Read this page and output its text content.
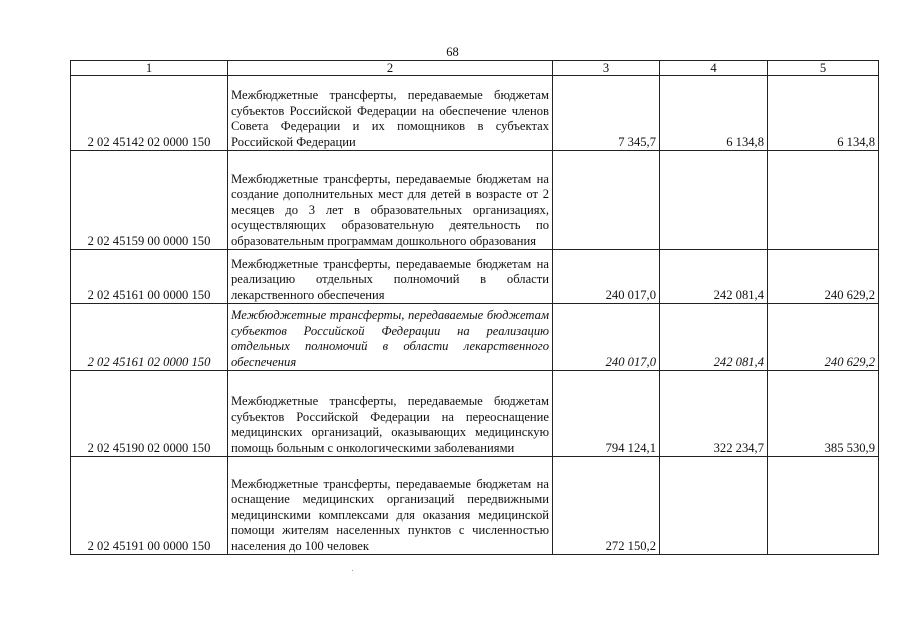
68
1	2	3	4	5
2 02 45142 02 0000 150	Межбюджетные трансферты, передаваемые бюджетам субъектов Российской Федерации на обеспечение членов Совета Федерации и их помощников в субъектах Российской Федерации	7 345,7	6 134,8	6 134,8
2 02 45159 00 0000 150	Межбюджетные трансферты, передаваемые бюджетам на создание дополнительных мест для детей в возрасте от 2 месяцев до 3 лет в образовательных организациях, осуществляющих образовательную деятельность по образовательным программам дошкольного образования			
2 02 45161 00 0000 150	Межбюджетные трансферты, передаваемые бюджетам на реализацию отдельных полномочий в области лекарственного обеспечения	240 017,0	242 081,4	240 629,2
2 02 45161 02 0000 150	Межбюджетные трансферты, передаваемые бюджетам субъектов Российской Федерации на реализацию отдельных полномочий в области лекарственного обеспечения	240 017,0	242 081,4	240 629,2
2 02 45190 02 0000 150	Межбюджетные трансферты, передаваемые бюджетам субъектов Российской Федерации на переоснащение медицинских организаций, оказывающих медицинскую помощь больным с онкологическими заболеваниями	794 124,1	322 234,7	385 530,9
2 02 45191 00 0000 150	Межбюджетные трансферты, передаваемые бюджетам на оснащение медицинских организаций передвижными медицинскими комплексами для оказания медицинской помощи жителям населенных пунктов с численностью населения до 100 человек	272 150,2		
